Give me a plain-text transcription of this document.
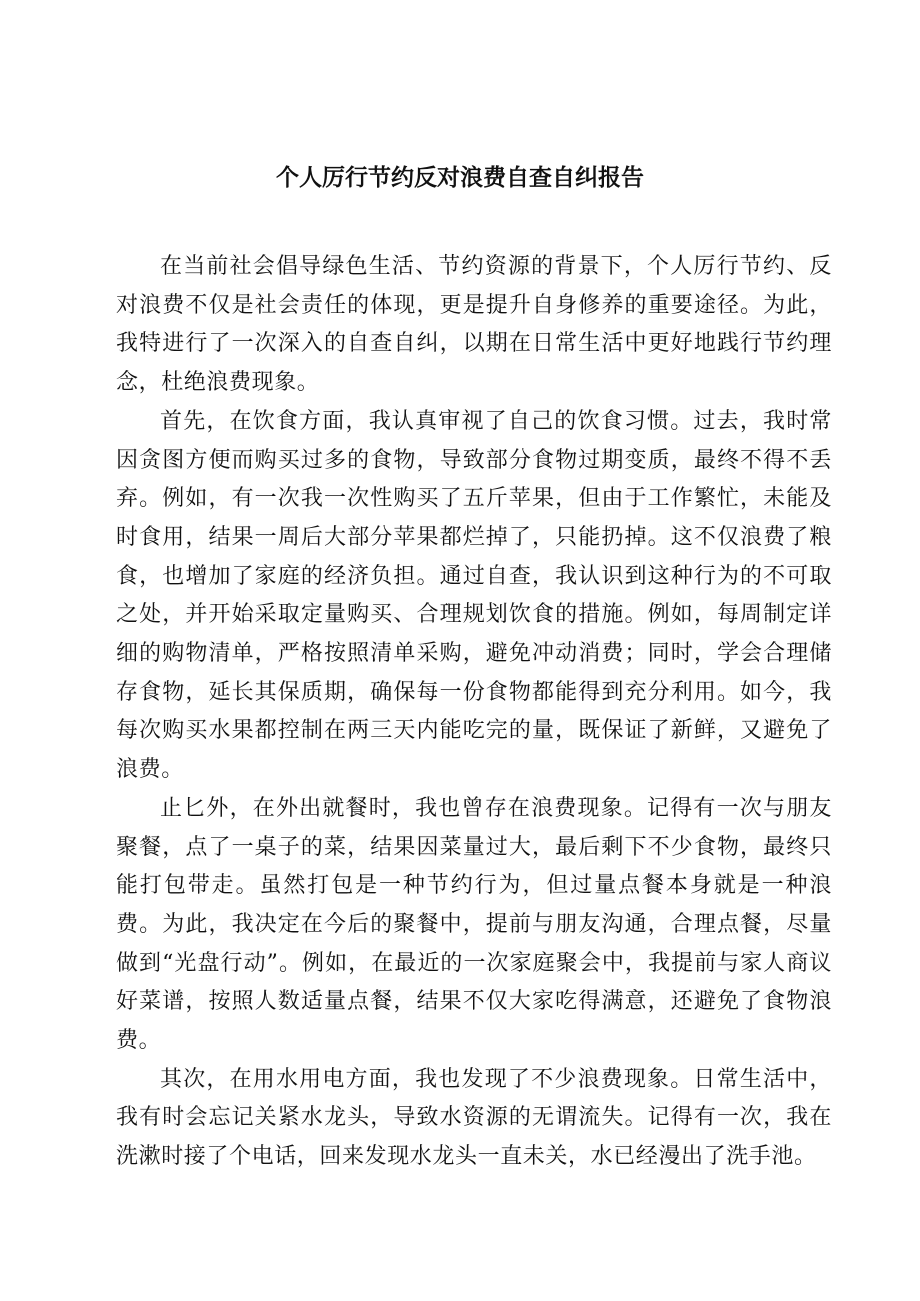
个人厉行节约反对浪费自查自纠报告

在当前社会倡导绿色生活、节约资源的背景下，个人厉行节约、反对浪费不仅是社会责任的体现，更是提升自身修养的重要途径。为此，我特进行了一次深入的自查自纠，以期在日常生活中更好地践行节约理念，杜绝浪费现象。

首先，在饮食方面，我认真审视了自己的饮食习惯。过去，我时常因贪图方便而购买过多的食物，导致部分食物过期变质，最终不得不丢弃。例如，有一次我一次性购买了五斤苹果，但由于工作繁忙，未能及时食用，结果一周后大部分苹果都烂掉了，只能扔掉。这不仅浪费了粮食，也增加了家庭的经济负担。通过自查，我认识到这种行为的不可取之处，并开始采取定量购买、合理规划饮食的措施。例如，每周制定详细的购物清单，严格按照清单采购，避免冲动消费；同时，学会合理储存食物，延长其保质期，确保每一份食物都能得到充分利用。如今，我每次购买水果都控制在两三天内能吃完的量，既保证了新鲜，又避免了浪费。

止匕外，在外出就餐时，我也曾存在浪费现象。记得有一次与朋友聚餐，点了一桌子的菜，结果因菜量过大，最后剩下不少食物，最终只能打包带走。虽然打包是一种节约行为，但过量点餐本身就是一种浪费。为此，我决定在今后的聚餐中，提前与朋友沟通，合理点餐，尽量做到“光盘行动”。例如，在最近的一次家庭聚会中，我提前与家人商议好菜谱，按照人数适量点餐，结果不仅大家吃得满意，还避免了食物浪费。

其次，在用水用电方面，我也发现了不少浪费现象。日常生活中，我有时会忘记关紧水龙头，导致水资源的无谓流失。记得有一次，我在洗漱时接了个电话，回来发现水龙头一直未关，水已经漫出了洗手池。
